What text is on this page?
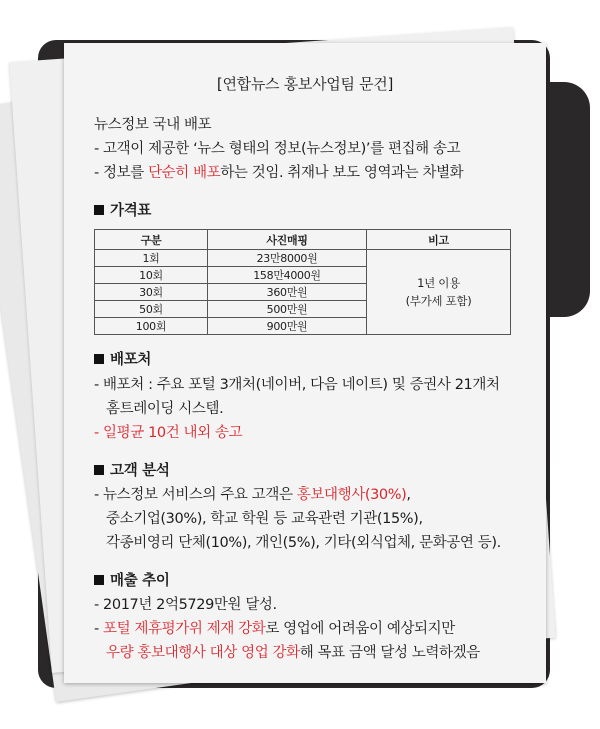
[연합뉴스 홍보사업팀 문건]
뉴스정보 국내 배포
- 고객이 제공한 ‘뉴스 형태의 정보(뉴스정보)’를 편집해 송고
- 정보를 단순히 배포하는 것임. 취재나 보도 영역과는 차별화
가격표
구분	사진매핑	비고
1회	23만8000원	1년 이용
(부가세 포함)

10회	158만4000원	
30회	360만원	
50회	500만원	
100회	900만원	
배포처
- 배포처 : 주요 포털 3개처(네이버, 다음 네이트) 및 증권사 21개처
홈트레이딩 시스템.
- 일평균 10건 내외 송고
고객 분석
- 뉴스정보 서비스의 주요 고객은 홍보대행사(30%),
중소기업(30%), 학교 학원 등 교육관련 기관(15%),
각종비영리 단체(10%), 개인(5%), 기타(외식업체, 문화공연 등).
매출 추이
- 2017년 2억5729만원 달성.
- 포털 제휴평가위 제재 강화로 영업에 어려움이 예상되지만
우량 홍보대행사 대상 영업 강화해 목표 금액 달성 노력하겠음
